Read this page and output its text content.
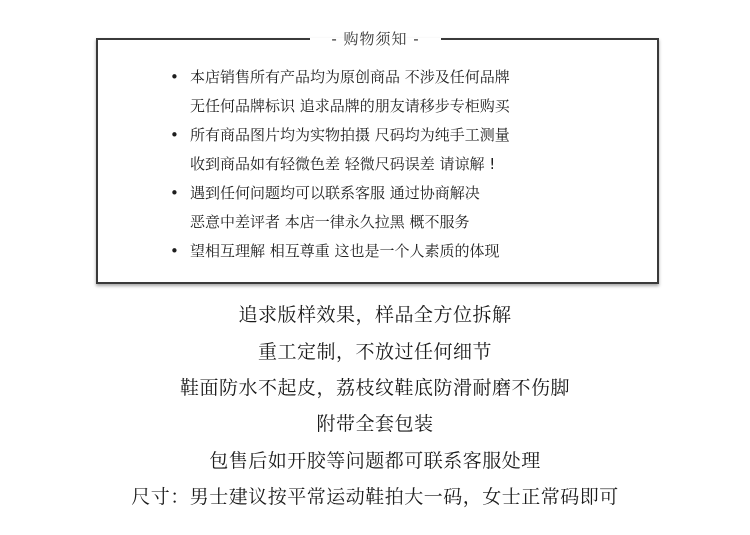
- 购物须知 -
• 本店销售所有产品均为原创商品 不涉及任何品牌
无任何品牌标识 追求品牌的朋友请移步专柜购买
• 所有商品图片均为实物拍摄 尺码均为纯手工测量
收到商品如有轻微色差 轻微尺码误差 请谅解 !
• 遇到任何问题均可以联系客服 通过协商解决
恶意中差评者 本店一律永久拉黑 概不服务
• 望相互理解 相互尊重 这也是一个人素质的体现
追求版样效果，样品全方位拆解
重工定制，不放过任何细节
鞋面防水不起皮，荔枝纹鞋底防滑耐磨不伤脚
附带全套包装
包售后如开胶等问题都可联系客服处理
尺寸：男士建议按平常运动鞋拍大一码，女士正常码即可
